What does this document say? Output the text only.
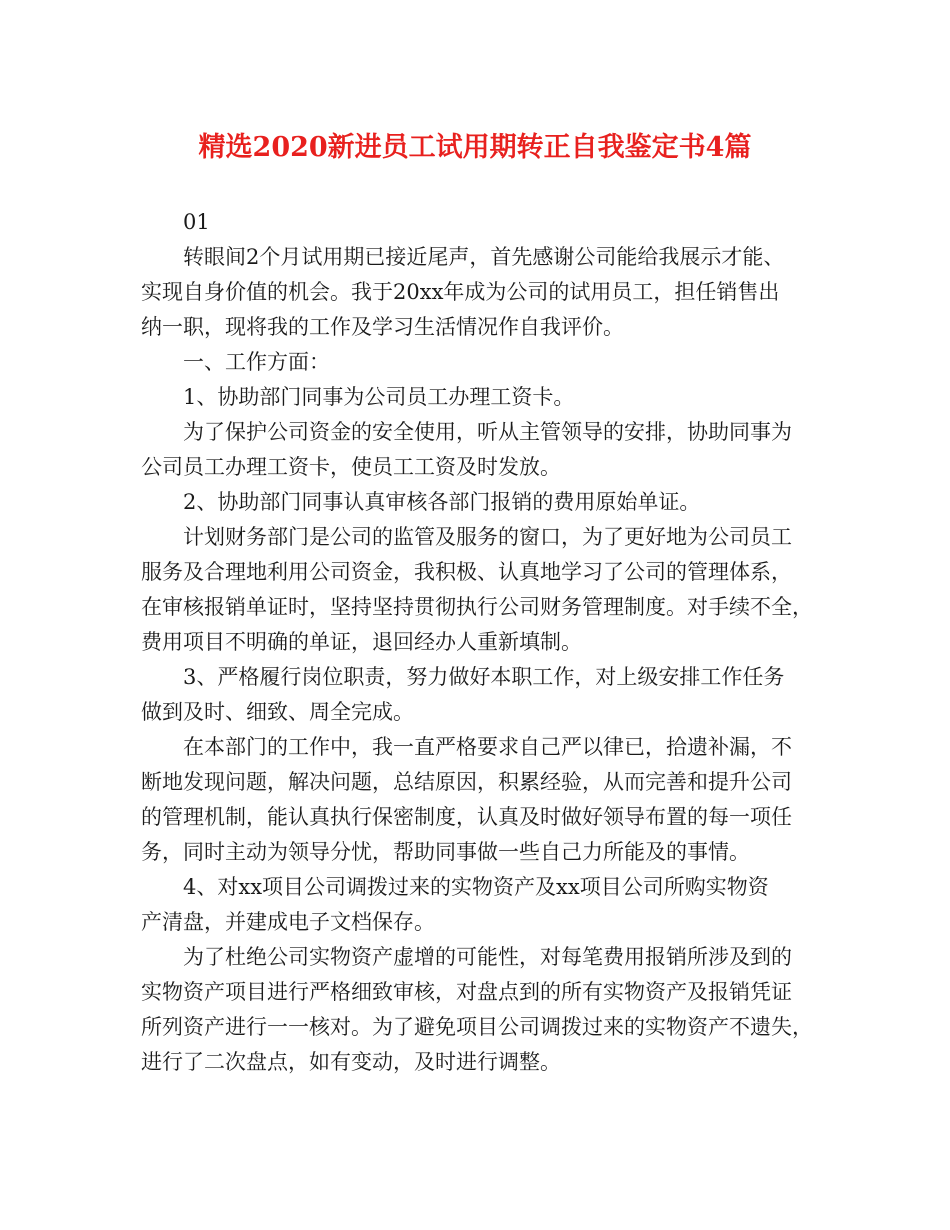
精选2020新进员工试用期转正自我鉴定书4篇
01
转眼间2个月试用期已接近尾声，首先感谢公司能给我展示才能、
实现自身价值的机会。我于20xx年成为公司的试用员工，担任销售出
纳一职，现将我的工作及学习生活情况作自我评价。
一、工作方面：
1、协助部门同事为公司员工办理工资卡。
为了保护公司资金的安全使用，听从主管领导的安排，协助同事为
公司员工办理工资卡，使员工工资及时发放。
2、协助部门同事认真审核各部门报销的费用原始单证。
计划财务部门是公司的监管及服务的窗口，为了更好地为公司员工
服务及合理地利用公司资金，我积极、认真地学习了公司的管理体系，
在审核报销单证时，坚持坚持贯彻执行公司财务管理制度。对手续不全，
费用项目不明确的单证，退回经办人重新填制。
3、严格履行岗位职责，努力做好本职工作，对上级安排工作任务
做到及时、细致、周全完成。
在本部门的工作中，我一直严格要求自己严以律已，拾遗补漏，不
断地发现问题，解决问题，总结原因，积累经验，从而完善和提升公司
的管理机制，能认真执行保密制度，认真及时做好领导布置的每一项任
务，同时主动为领导分忧，帮助同事做一些自己力所能及的事情。
4、对xx项目公司调拨过来的实物资产及xx项目公司所购实物资
产清盘，并建成电子文档保存。
为了杜绝公司实物资产虚增的可能性，对每笔费用报销所涉及到的
实物资产项目进行严格细致审核，对盘点到的所有实物资产及报销凭证
所列资产进行一一核对。为了避免项目公司调拨过来的实物资产不遗失，
进行了二次盘点，如有变动，及时进行调整。
